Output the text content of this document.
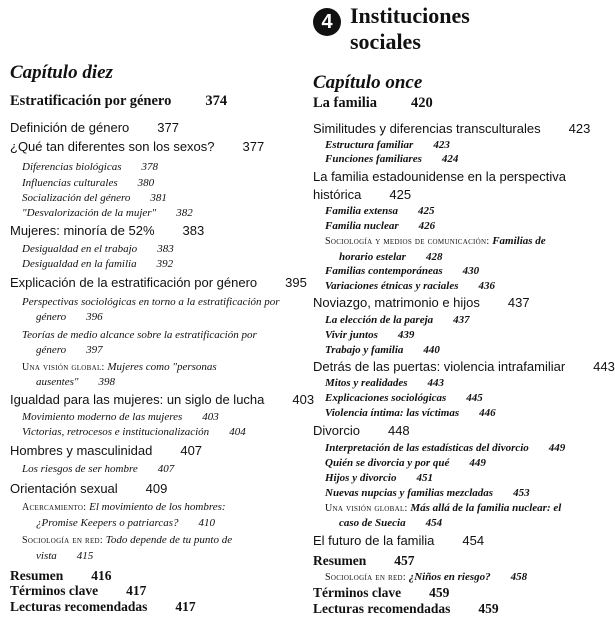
4 Instituciones
sociales
Capítulo diez
Estratificación por género 374
Definición de género 377
¿Qué tan diferentes son los sexos? 377
Diferencias biológicas 378
Influencias culturales 380
Socialización del género 381
"Desvalorización de la mujer" 382
Mujeres: minoría de 52% 383
Desigualdad en el trabajo 383
Desigualdad en la familia 392
Explicación de la estratificación por género 395
Perspectivas sociológicas en torno a la estratificación por
género 396
Teorías de medio alcance sobre la estratificación por
género 397
Una visión global: Mujeres como "personas
ausentes" 398
Igualdad para las mujeres: un siglo de lucha 403
Movimiento moderno de las mujeres 403
Victorias, retrocesos e institucionalización 404
Hombres y masculinidad 407
Los riesgos de ser hombre 407
Orientación sexual 409
Acercamiento: El movimiento de los hombres:
¿Promise Keepers o patriarcas? 410
Sociología en red: Todo depende de tu punto de
vista 415
Resumen 416
Términos clave 417
Lecturas recomendadas 417
Capítulo once
La familia 420
Similitudes y diferencias transculturales 423
Estructura familiar 423
Funciones familiares 424
La familia estadounidense en la perspectiva
histórica 425
Familia extensa 425
Familia nuclear 426
Sociología y medios de comunicación: Familias de
horario estelar 428
Familias contemporáneas 430
Variaciones étnicas y raciales 436
Noviazgo, matrimonio e hijos 437
La elección de la pareja 437
Vivir juntos 439
Trabajo y familia 440
Detrás de las puertas: violencia intrafamiliar 443
Mitos y realidades 443
Explicaciones sociológicas 445
Violencia íntima: las víctimas 446
Divorcio 448
Interpretación de las estadísticas del divorcio 449
Quién se divorcia y por qué 449
Hijos y divorcio 451
Nuevas nupcias y familias mezcladas 453
Una visión global: Más allá de la familia nuclear: el
caso de Suecia 454
El futuro de la familia 454
Resumen 457
Sociología en red: ¿Niños en riesgo? 458
Términos clave 459
Lecturas recomendadas 459
